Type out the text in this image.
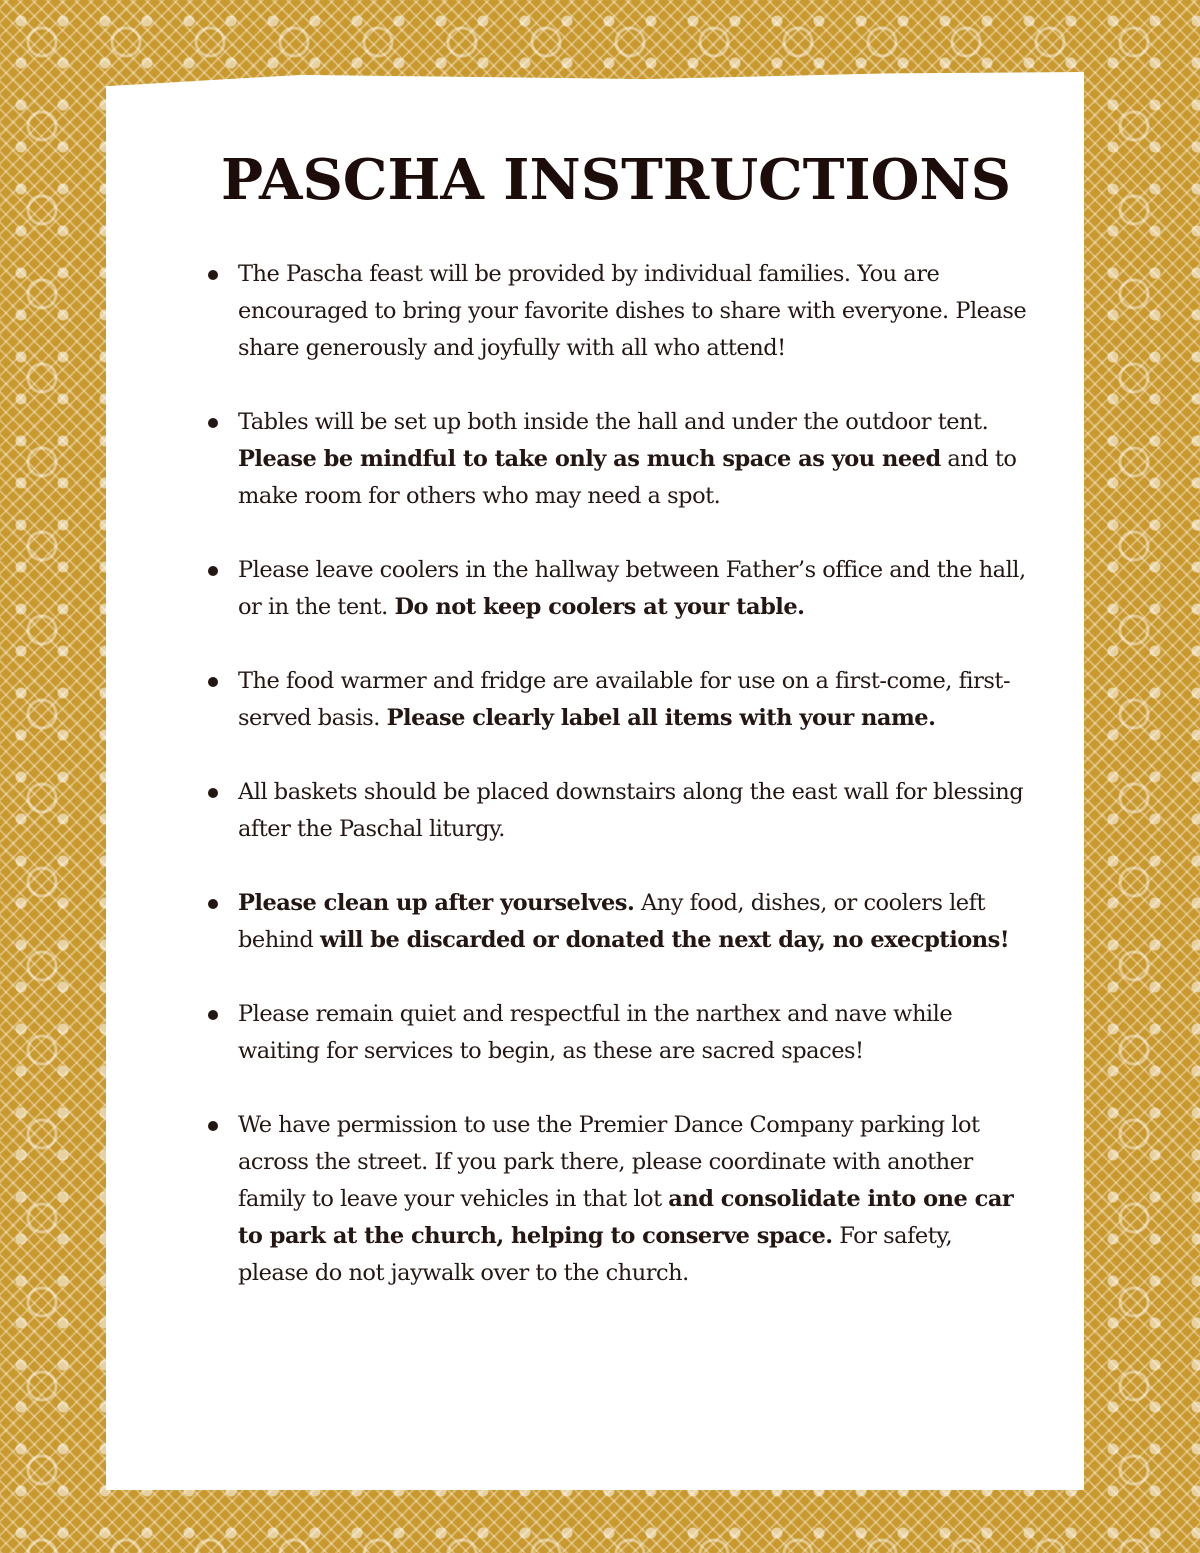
PASCHA INSTRUCTIONS
The Pascha feast will be provided by individual families. You are encouraged to bring your favorite dishes to share with everyone. Please share generously and joyfully with all who attend!
Tables will be set up both inside the hall and under the outdoor tent. Please be mindful to take only as much space as you need and to make room for others who may need a spot.
Please leave coolers in the hallway between Father’s office and the hall, or in the tent. Do not keep coolers at your table.
The food warmer and fridge are available for use on a first-come, first-served basis. Please clearly label all items with your name.
All baskets should be placed downstairs along the east wall for blessing after the Paschal liturgy.
Please clean up after yourselves. Any food, dishes, or coolers left behind will be discarded or donated the next day, no execptions!
Please remain quiet and respectful in the narthex and nave while waiting for services to begin, as these are sacred spaces!
We have permission to use the Premier Dance Company parking lot across the street. If you park there, please coordinate with another family to leave your vehicles in that lot and consolidate into one car to park at the church, helping to conserve space. For safety, please do not jaywalk over to the church.
